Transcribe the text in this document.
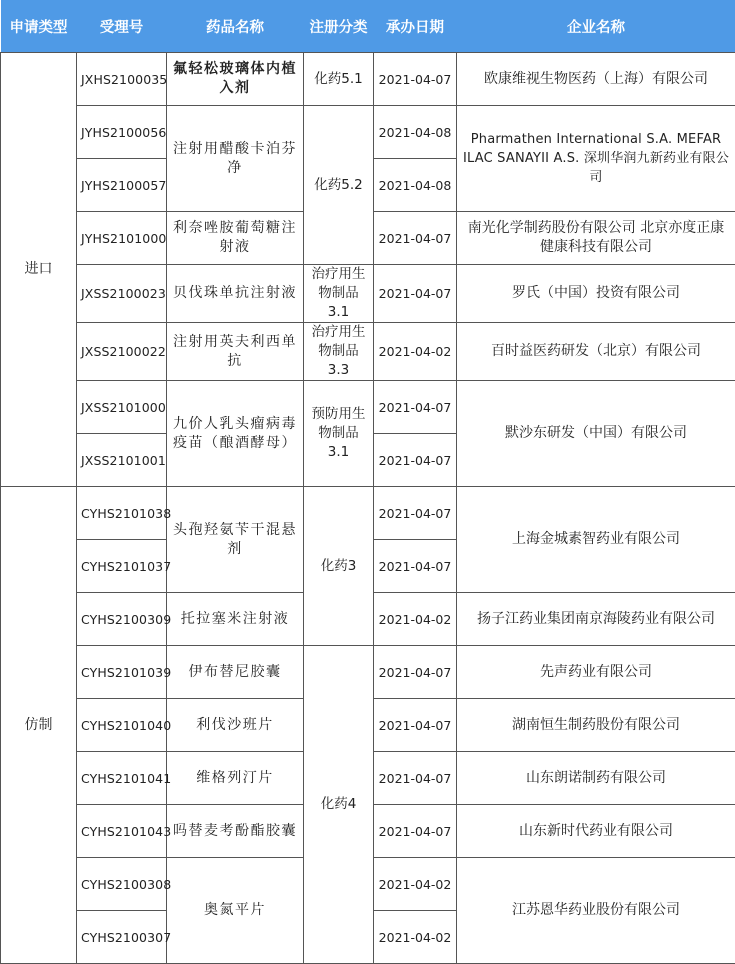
申请类型	受理号	药品名称	注册分类	承办日期	企业名称
进口	JXHS2100035	氟轻松玻璃体内植入剂	化药5.1	2021-04-07	欧康维视生物医药（上海）有限公司
	JYHS2100056	注射用醋酸卡泊芬净	化药5.2	2021-04-08	Pharmathen International S.A. MEFAR ILAC SANAYII A.S. 深圳华润九新药业有限公司
	JYHS2100057			2021-04-08	
	JYHS2101000	利奈唑胺葡萄糖注射液		2021-04-07	南光化学制药股份有限公司 北京亦度正康健康科技有限公司
	JXSS2100023	贝伐珠单抗注射液	治疗用生物制品3.1	2021-04-07	罗氏（中国）投资有限公司
	JXSS2100022	注射用英夫利西单抗	治疗用生物制品3.3	2021-04-02	百时益医药研发（北京）有限公司
	JXSS2101000	九价人乳头瘤病毒疫苗（酿酒酵母）	预防用生物制品3.1	2021-04-07	默沙东研发（中国）有限公司
	JXSS2101001			2021-04-07	
仿制	CYHS2101038	头孢羟氨苄干混悬剂	化药3	2021-04-07	上海金城素智药业有限公司
	CYHS2101037			2021-04-07	
	CYHS2100309	托拉塞米注射液		2021-04-02	扬子江药业集团南京海陵药业有限公司
	CYHS2101039	伊布替尼胶囊	化药4	2021-04-07	先声药业有限公司
	CYHS2101040	利伐沙班片		2021-04-07	湖南恒生制药股份有限公司
	CYHS2101041	维格列汀片		2021-04-07	山东朗诺制药有限公司
	CYHS2101043	吗替麦考酚酯胶囊		2021-04-07	山东新时代药业有限公司
	CYHS2100308	奥氮平片		2021-04-02	江苏恩华药业股份有限公司
	CYHS2100307			2021-04-02	
